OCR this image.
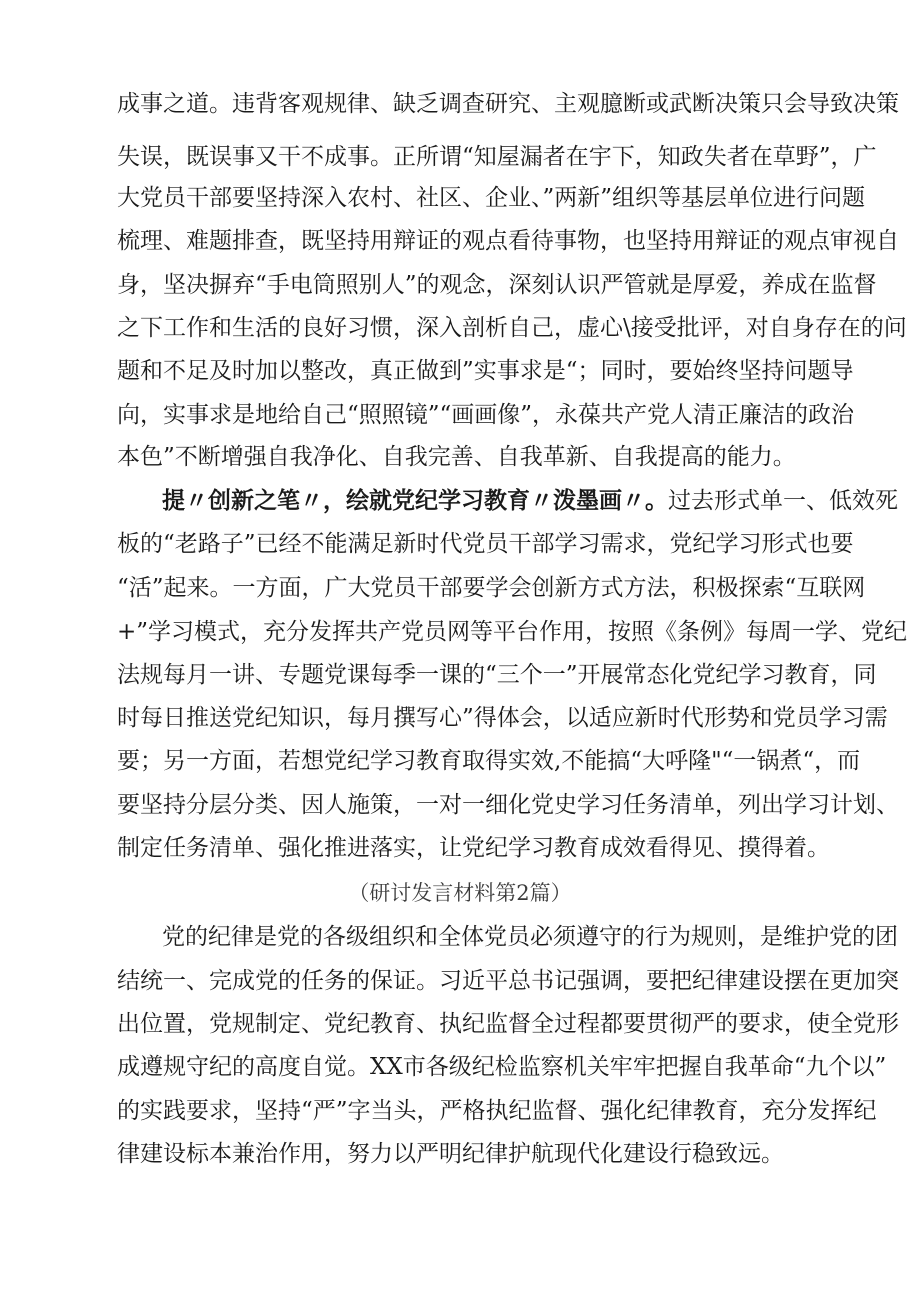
成事之道。违背客观规律、缺乏调查研究、主观臆断或武断决策只会导致决策
失误，既误事又干不成事。正所谓“知屋漏者在宇下，知政失者在草野”，广
大党员干部要坚持深入农村、社区、企业、”两新”组织等基层单位进行问题
梳理、难题排查，既坚持用辩证的观点看待事物，也坚持用辩证的观点审视自
身，坚决摒弃“手电筒照别人”的观念，深刻认识严管就是厚爱，养成在监督
之下工作和生活的良好习惯，深入剖析自己，虚心\接受批评，对自身存在的问
题和不足及时加以整改，真正做到”实事求是“；同时，要始终坚持问题导
向，实事求是地给自己“照照镜”“画画像”，永葆共产党人清正廉洁的政治
本色”不断增强自我净化、自我完善、自我革新、自我提高的能力。
提〃创新之笔〃，绘就党纪学习教育〃泼墨画〃。过去形式单一、低效死
板的“老路子”已经不能满足新时代党员干部学习需求，党纪学习形式也要
“活”起来。一方面，广大党员干部要学会创新方式方法，积极探索“互联网
+”学习模式，充分发挥共产党员网等平台作用，按照《条例》每周一学、党纪
法规每月一讲、专题党课每季一课的“三个一”开展常态化党纪学习教育，同
时每日推送党纪知识，每月撰写心”得体会，以适应新时代形势和党员学习需
要；另一方面，若想党纪学习教育取得实效,不能搞“大呼隆"“一锅煮“，而
要坚持分层分类、因人施策，一对一细化党史学习任务清单，列出学习计划、
制定任务清单、强化推进落实，让党纪学习教育成效看得见、摸得着。
（研讨发言材料第2篇）
党的纪律是党的各级组织和全体党员必须遵守的行为规则，是维护党的团
结统一、完成党的任务的保证。习近平总书记强调，要把纪律建设摆在更加突
出位置，党规制定、党纪教育、执纪监督全过程都要贯彻严的要求，使全党形
成遵规守纪的高度自觉。XX市各级纪检监察机关牢牢把握自我革命“九个以”
的实践要求，坚持“严”字当头，严格执纪监督、强化纪律教育，充分发挥纪
律建设标本兼治作用，努力以严明纪律护航现代化建设行稳致远。
